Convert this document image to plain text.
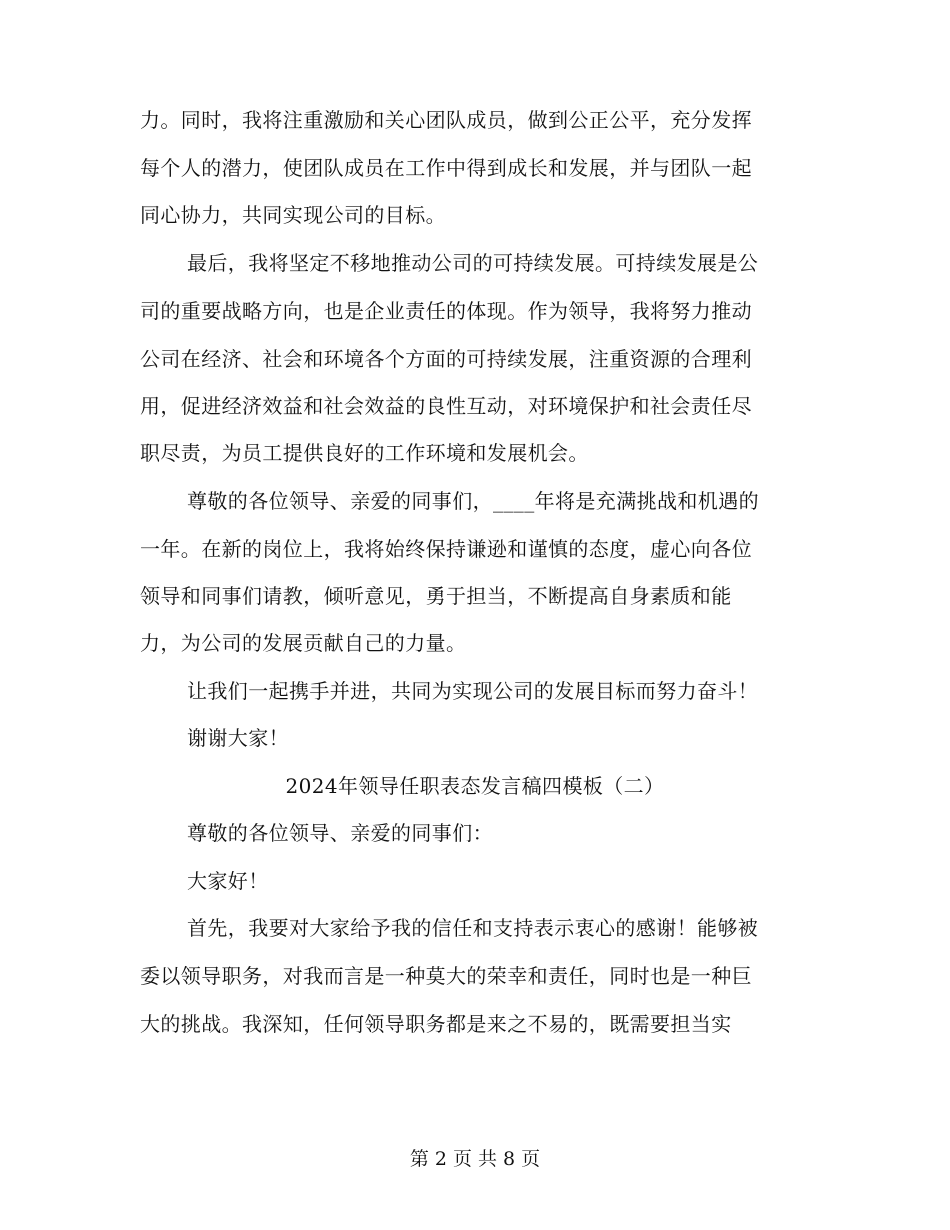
力。同时，我将注重激励和关心团队成员，做到公正公平，充分发挥
每个人的潜力，使团队成员在工作中得到成长和发展，并与团队一起
同心协力，共同实现公司的目标。
最后，我将坚定不移地推动公司的可持续发展。可持续发展是公
司的重要战略方向，也是企业责任的体现。作为领导，我将努力推动
公司在经济、社会和环境各个方面的可持续发展，注重资源的合理利
用，促进经济效益和社会效益的良性互动，对环境保护和社会责任尽
职尽责，为员工提供良好的工作环境和发展机会。
尊敬的各位领导、亲爱的同事们，____年将是充满挑战和机遇的
一年。在新的岗位上，我将始终保持谦逊和谨慎的态度，虚心向各位
领导和同事们请教，倾听意见，勇于担当，不断提高自身素质和能
力，为公司的发展贡献自己的力量。
让我们一起携手并进，共同为实现公司的发展目标而努力奋斗！
谢谢大家！
2024年领导任职表态发言稿四模板（二）
尊敬的各位领导、亲爱的同事们：
大家好！
首先，我要对大家给予我的信任和支持表示衷心的感谢！能够被
委以领导职务，对我而言是一种莫大的荣幸和责任，同时也是一种巨
大的挑战。我深知，任何领导职务都是来之不易的，既需要担当实
第 2 页 共 8 页
